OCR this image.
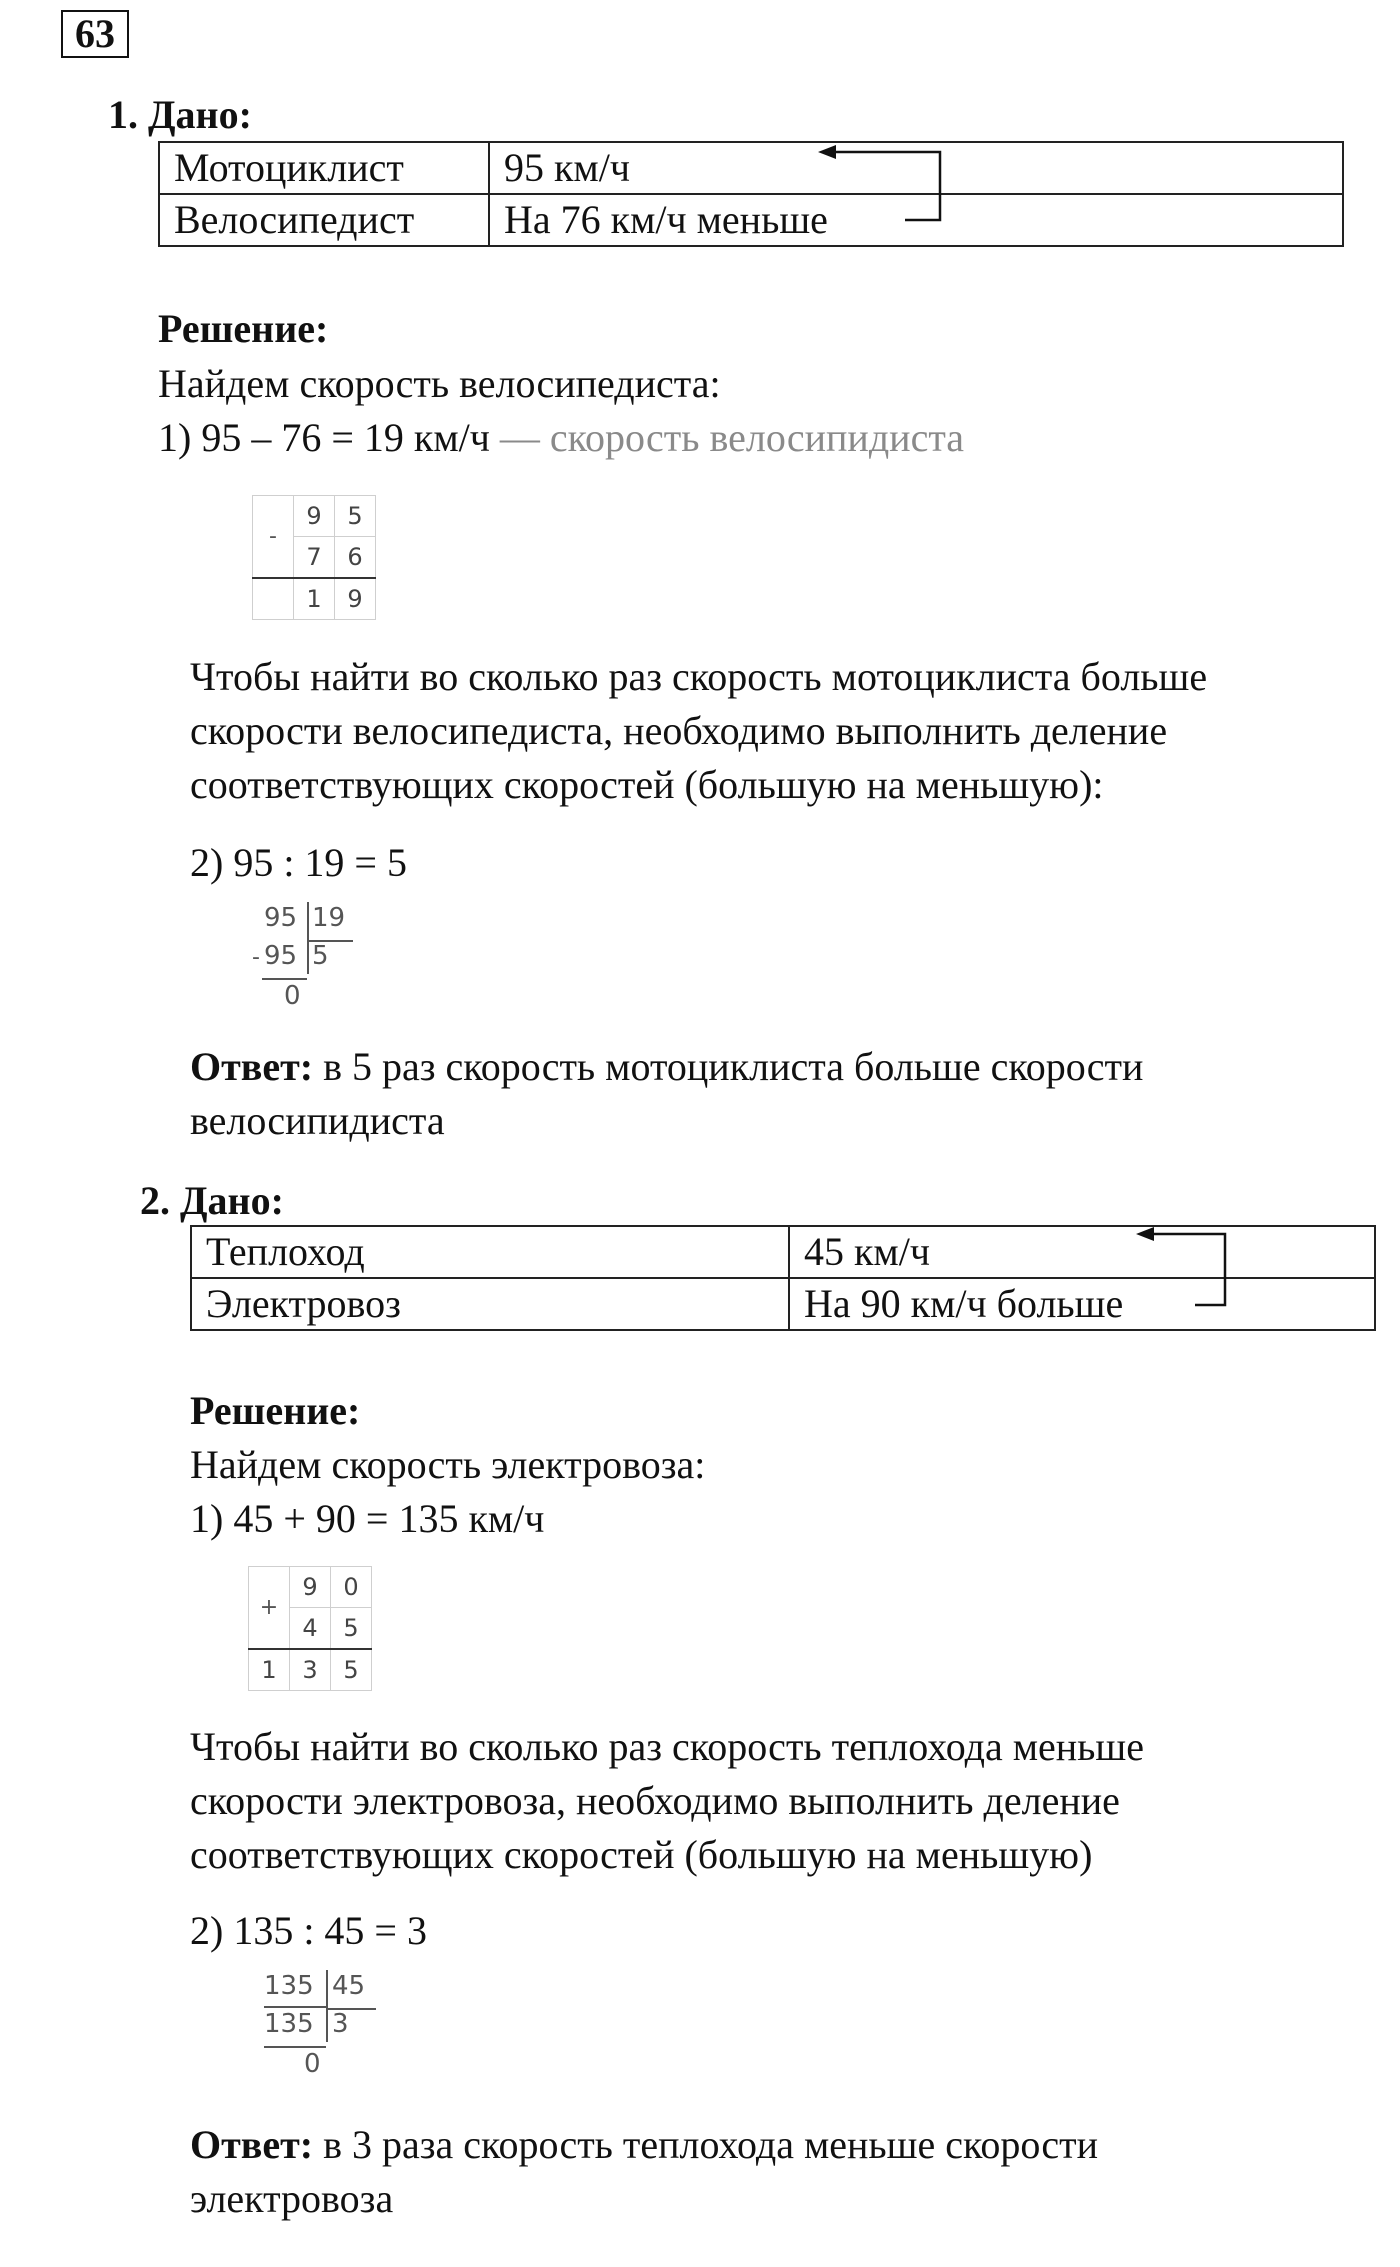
63
1. Дано:
Мотоциклист	95 км/ч
Велосипедист	На 76 км/ч меньше
Решение:
Найдем скорость велосипедиста:
1) 95 – 76 = 19 км/ч — скорость велосипидиста
-	9	5
	7	6
	1	9
Чтобы найти во сколько раз скорость мотоциклиста больше
скорости велосипедиста, необходимо выполнить деление
соответствующих скоростей (большую на меньшую):
2) 95 : 19 = 5
-
95 19
95 5
0
Ответ: в 5 раз скорость мотоциклиста больше скорости
велосипидиста
2. Дано:
Теплоход	45 км/ч
Электровоз	На 90 км/ч больше
Решение:
Найдем скорость электровоза:
1) 45 + 90 = 135 км/ч
+	9	0
	4	5
1	3	5
Чтобы найти во сколько раз скорость теплохода меньше
скорости электровоза, необходимо выполнить деление
соответствующих скоростей (большую на меньшую)
2) 135 : 45 = 3
135 45
135 3
0
Ответ: в 3 раза скорость теплохода меньше скорости
электровоза
